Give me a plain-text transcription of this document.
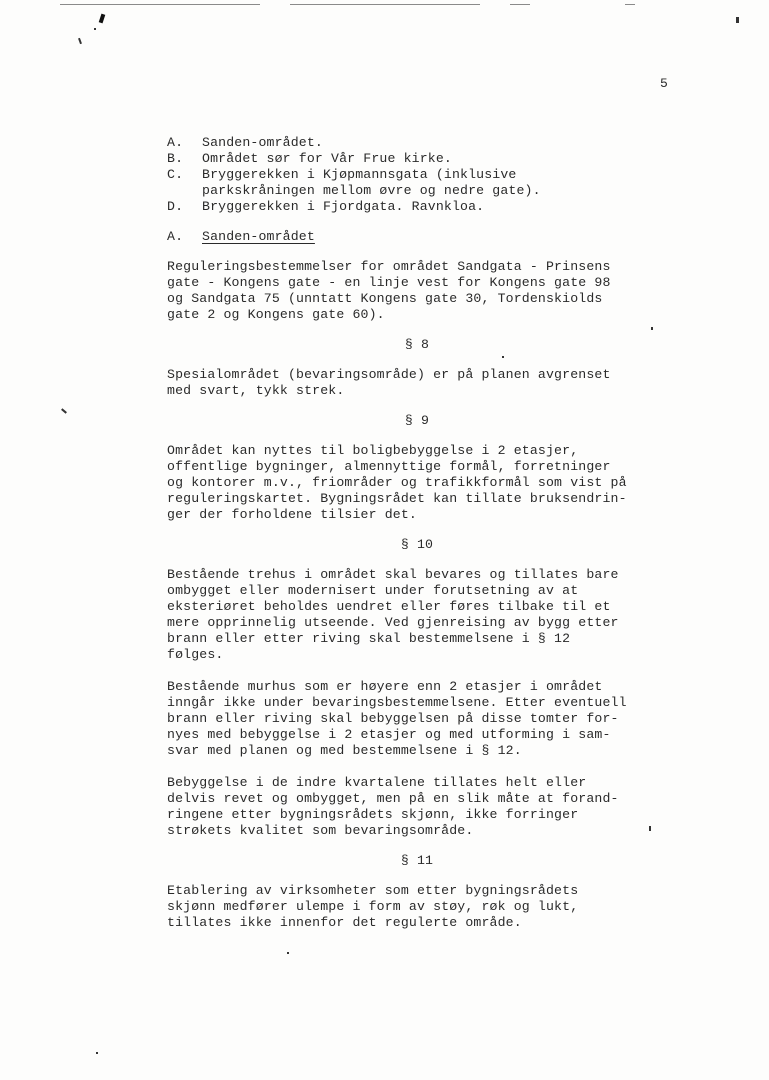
5
A.	Sanden-området.
B.	Området sør for Vår Frue kirke.
C.	Bryggerekken i Kjøpmannsgata (inklusive
parkskråningen mellom øvre og nedre gate).
D.	Bryggerekken i Fjordgata. Ravnkloa.
A.	Sanden-området

Reguleringsbestemmelser for området Sandgata - Prinsens
gate - Kongens gate - en linje vest for Kongens gate 98
og Sandgata 75 (unntatt Kongens gate 30, Tordenskiolds
gate 2 og Kongens gate 60).

§ 8

Spesialområdet (bevaringsområde) er på planen avgrenset
med svart, tykk strek.

§ 9

Området kan nyttes til boligbebyggelse i 2 etasjer,
offentlige bygninger, almennyttige formål, forretninger
og kontorer m.v., friområder og trafikkformål som vist på
reguleringskartet. Bygningsrådet kan tillate bruksendrin-
ger der forholdene tilsier det.

§ 10

Bestående trehus i området skal bevares og tillates bare
ombygget eller modernisert under forutsetning av at
eksteriøret beholdes uendret eller føres tilbake til et
mere opprinnelig utseende. Ved gjenreising av bygg etter
brann eller etter riving skal bestemmelsene i § 12
følges.

Bestående murhus som er høyere enn 2 etasjer i området
inngår ikke under bevaringsbestemmelsene. Etter eventuell
brann eller riving skal bebyggelsen på disse tomter for-
nyes med bebyggelse i 2 etasjer og med utforming i sam-
svar med planen og med bestemmelsene i § 12.

Bebyggelse i de indre kvartalene tillates helt eller
delvis revet og ombygget, men på en slik måte at forand-
ringene etter bygningsrådets skjønn, ikke forringer
strøkets kvalitet som bevaringsområde.

§ 11

Etablering av virksomheter som etter bygningsrådets
skjønn medfører ulempe i form av støy, røk og lukt,
tillates ikke innenfor det regulerte område.
